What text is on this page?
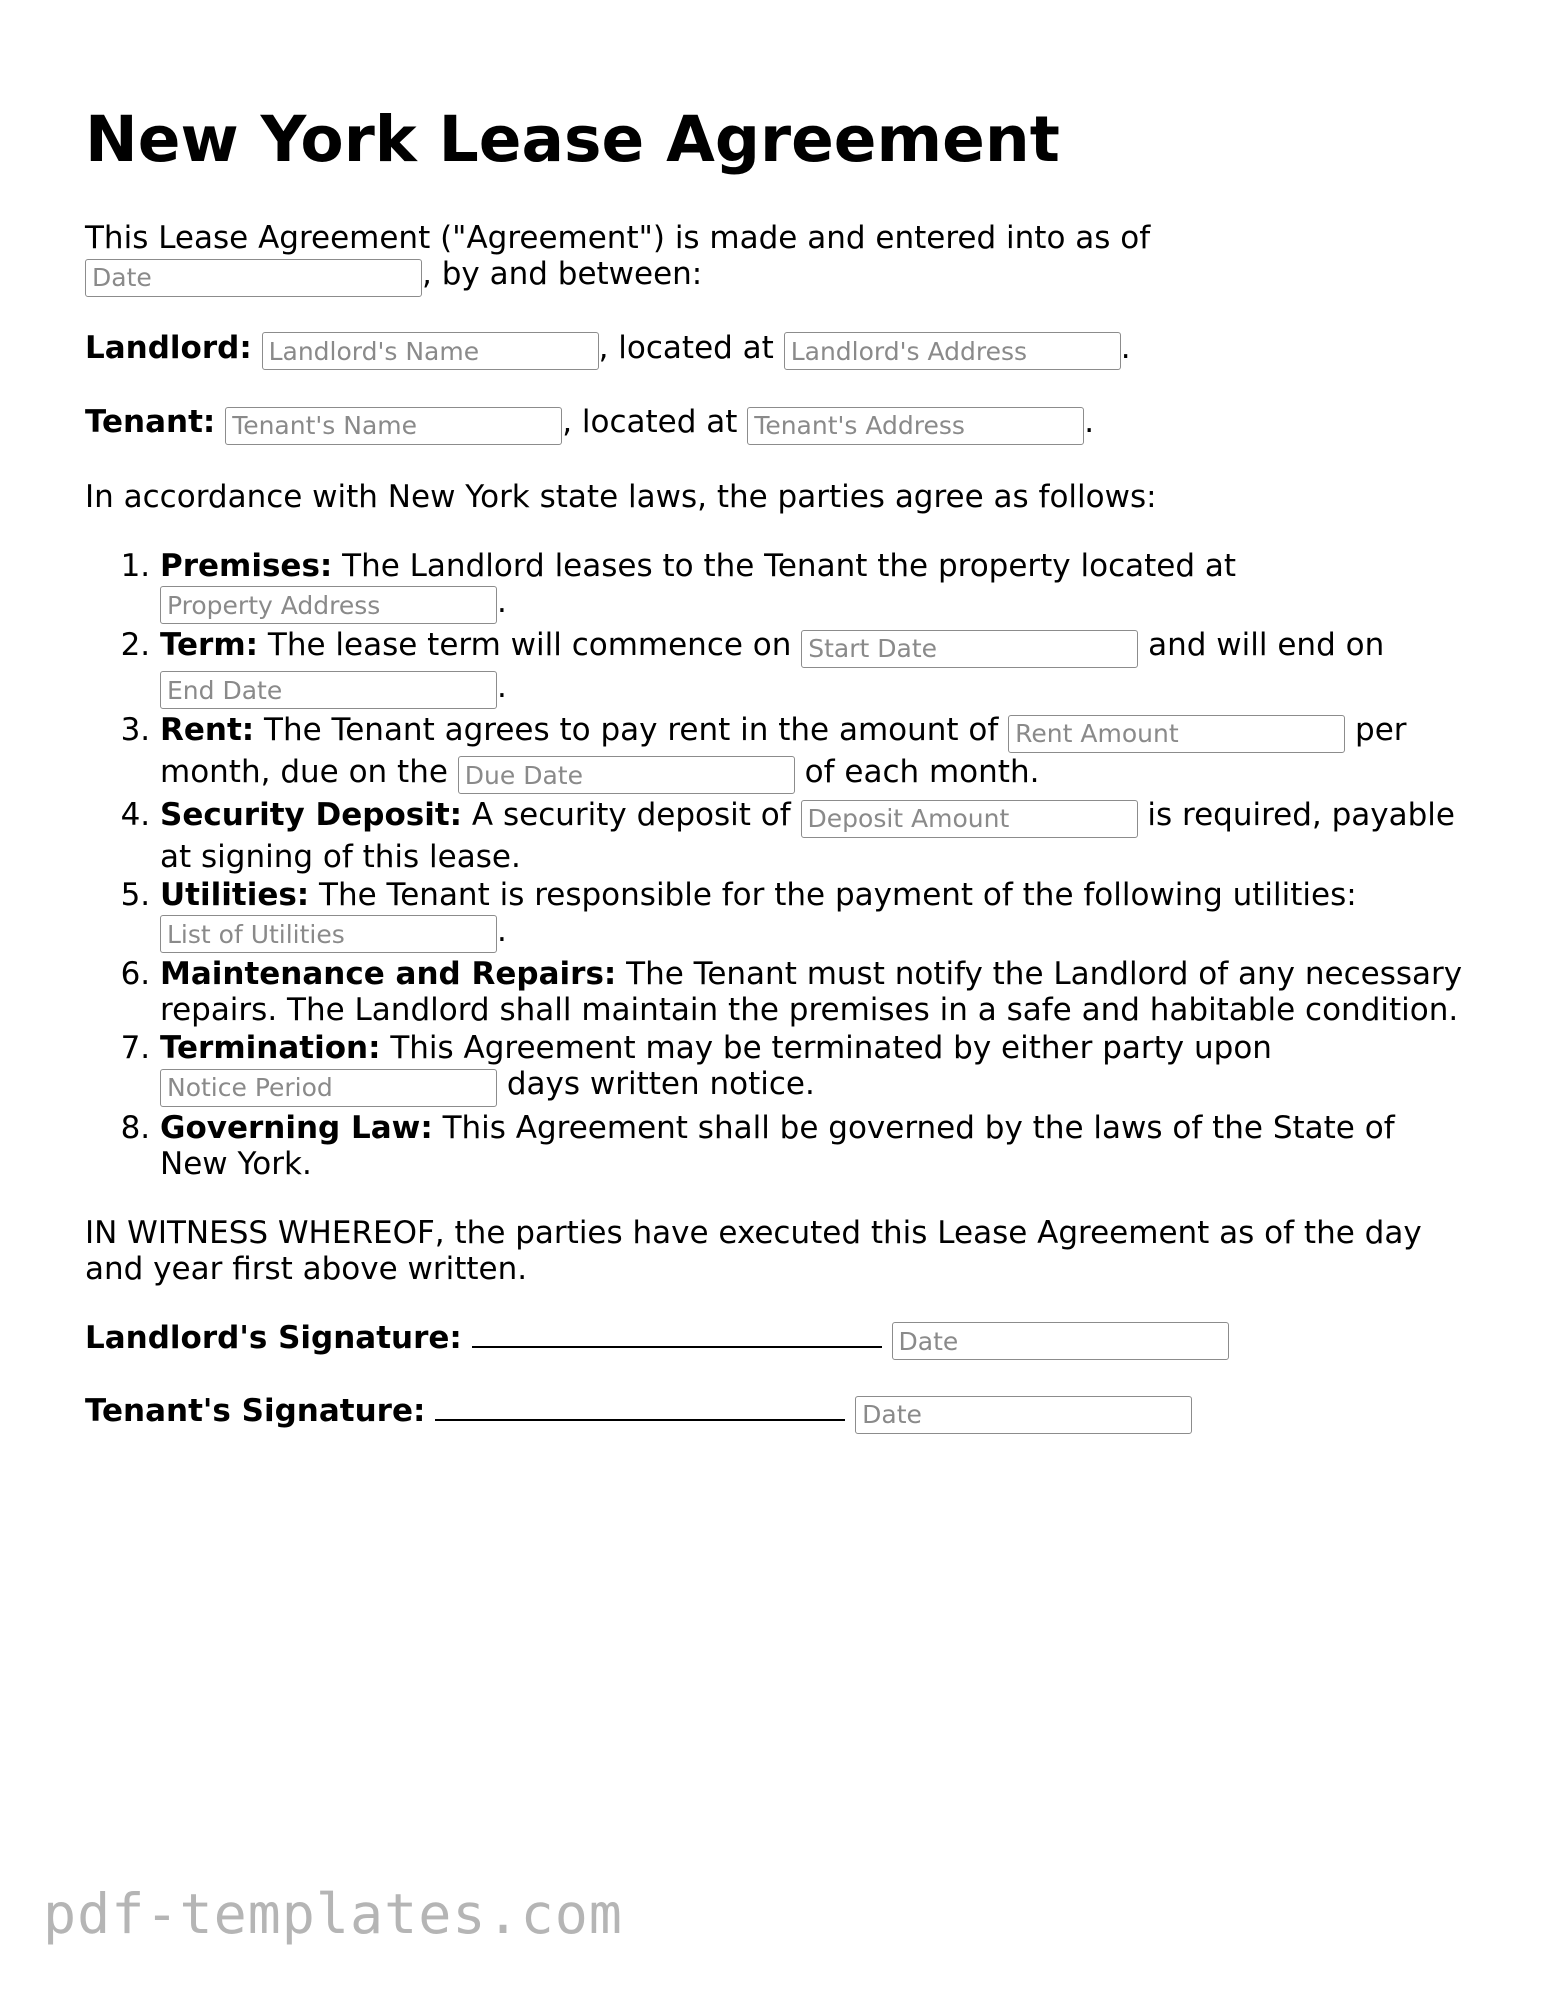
New York Lease Agreement

This Lease Agreement ("Agreement") is made and entered into as of
Date, by and between:

Landlord: Landlord's Name	, located at Landlord's Address	.

Tenant: Tenant's Name	, located at Tenant's Address	.

In accordance with New York state laws, the parties agree as follows:

1. Premises: The Landlord leases to the Tenant the property located at
Property Address.
2. Term: The lease term will commence on Start Date	and will end on
End Date.
3. Rent: The Tenant agrees to pay rent in the amount of Rent Amount	per month, due on the Due Date	of each month.
4. Security Deposit: A security deposit of Deposit Amount	is required, payable at signing of this lease.
5. Utilities: The Tenant is responsible for the payment of the following utilities:
List of Utilities.
6. Maintenance and Repairs: The Tenant must notify the Landlord of any necessary repairs. The Landlord shall maintain the premises in a safe and habitable condition.
7. Termination: This Agreement may be terminated by either party upon
Notice Period days written notice.
8. Governing Law: This Agreement shall be governed by the laws of the State of New York.

IN WITNESS WHEREOF, the parties have executed this Lease Agreement as of the day and year first above written.

Landlord's Signature:  Date

Tenant's Signature:  Date

pdf-templates.com
